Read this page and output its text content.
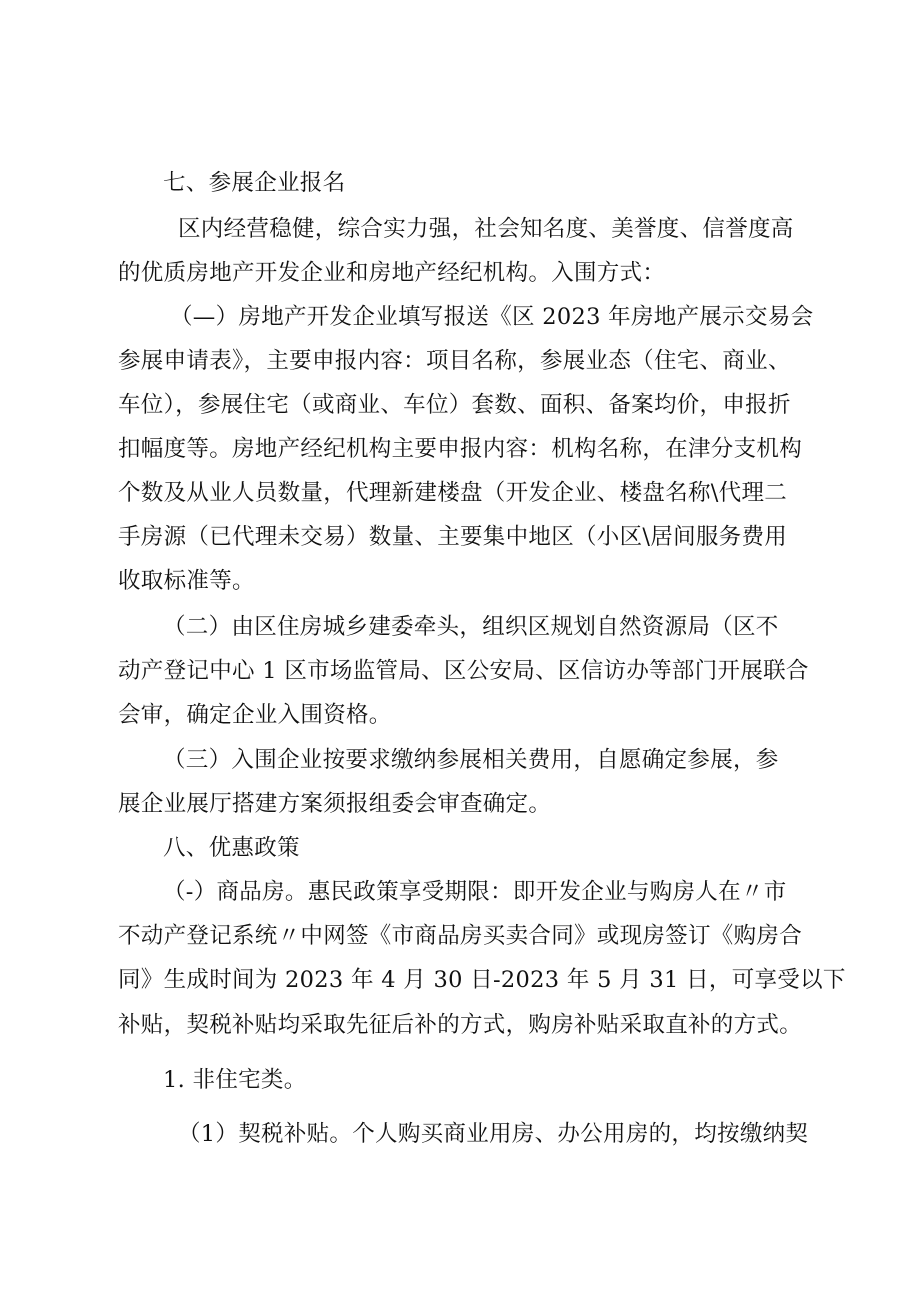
七、参展企业报名
区内经营稳健，综合实力强，社会知名度、美誉度、信誉度高
的优质房地产开发企业和房地产经纪机构。入围方式：
（—）房地产开发企业填写报送《区 2023 年房地产展示交易会
参展申请表》，主要申报内容：项目名称，参展业态（住宅、商业、
车位），参展住宅（或商业、车位）套数、面积、备案均价，申报折
扣幅度等。房地产经纪机构主要申报内容：机构名称，在津分支机构
个数及从业人员数量，代理新建楼盘（开发企业、楼盘名称\代理二
手房源（已代理未交易）数量、主要集中地区（小区\居间服务费用
收取标准等。
（二）由区住房城乡建委牵头，组织区规划自然资源局（区不
动产登记中心 1 区市场监管局、区公安局、区信访办等部门开展联合
会审，确定企业入围资格。
（三）入围企业按要求缴纳参展相关费用，自愿确定参展，参
展企业展厅搭建方案须报组委会审查确定。
八、优惠政策
（-）商品房。惠民政策享受期限：即开发企业与购房人在〃市
不动产登记系统〃中网签《市商品房买卖合同》或现房签订《购房合
同》生成时间为 2023 年 4 月 30 日-2023 年 5 月 31 日，可享受以下
补贴，契税补贴均采取先征后补的方式，购房补贴采取直补的方式。
1. 非住宅类。
（1）契税补贴。个人购买商业用房、办公用房的，均按缴纳契
